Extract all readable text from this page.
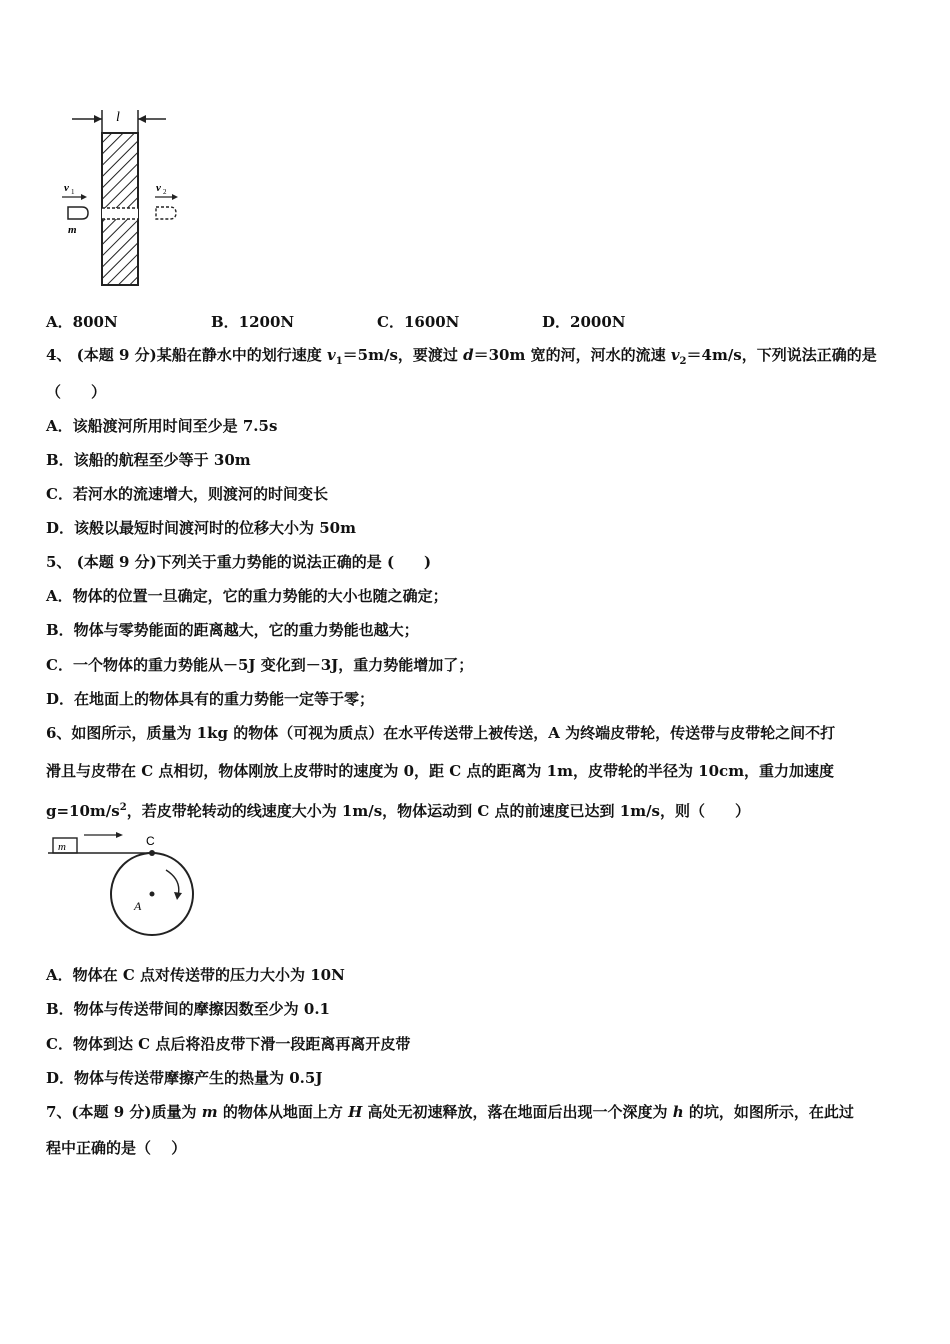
l
v 1
m
v 2
A．800N	B．1200N	C．1600N	D．2000N
4、 (本题 9 分)某船在静水中的划行速度 $v_1=5m/s$，要渡过 d＝30m 宽的河，河水的流速 $v_2=4m/s$，下列说法正确的是
（　　）
A．该船渡河所用时间至少是 7.5s
B．该船的航程至少等于 30m
C．若河水的流速增大，则渡河的时间变长
D．该般以最短时间渡河时的位移大小为 50m
5、 (本题 9 分)下列关于重力势能的说法正确的是 (　　)
A．物体的位置一旦确定，它的重力势能的大小也随之确定；
B．物体与零势能面的距离越大，它的重力势能也越大；
C．一个物体的重力势能从－5J 变化到－3J，重力势能增加了；
D．在地面上的物体具有的重力势能一定等于零；
6、如图所示，质量为 1kg 的物体（可视为质点）在水平传送带上被传送，A 为终端皮带轮，传送带与皮带轮之间不打
滑且与皮带在 C 点相切，物体刚放上皮带时的速度为 0，距 C 点的距离为 1m，皮带轮的半径为 10cm，重力加速度
$g=10m/s^2$，若皮带轮转动的线速度大小为 1m/s，物体运动到 C 点的前速度已达到 1m/s，则（　　）
m	C
A
A．物体在 C 点对传送带的压力大小为 10N
B．物体与传送带间的摩擦因数至少为 0.1
C．物体到达 C 点后将沿皮带下滑一段距离再离开皮带
D．物体与传送带摩擦产生的热量为 0.5J
7、(本题 9 分)质量为 m 的物体从地面上方 H 高处无初速释放，落在地面后出现一个深度为 h 的坑，如图所示，在此过
程中正确的是（　 ）
